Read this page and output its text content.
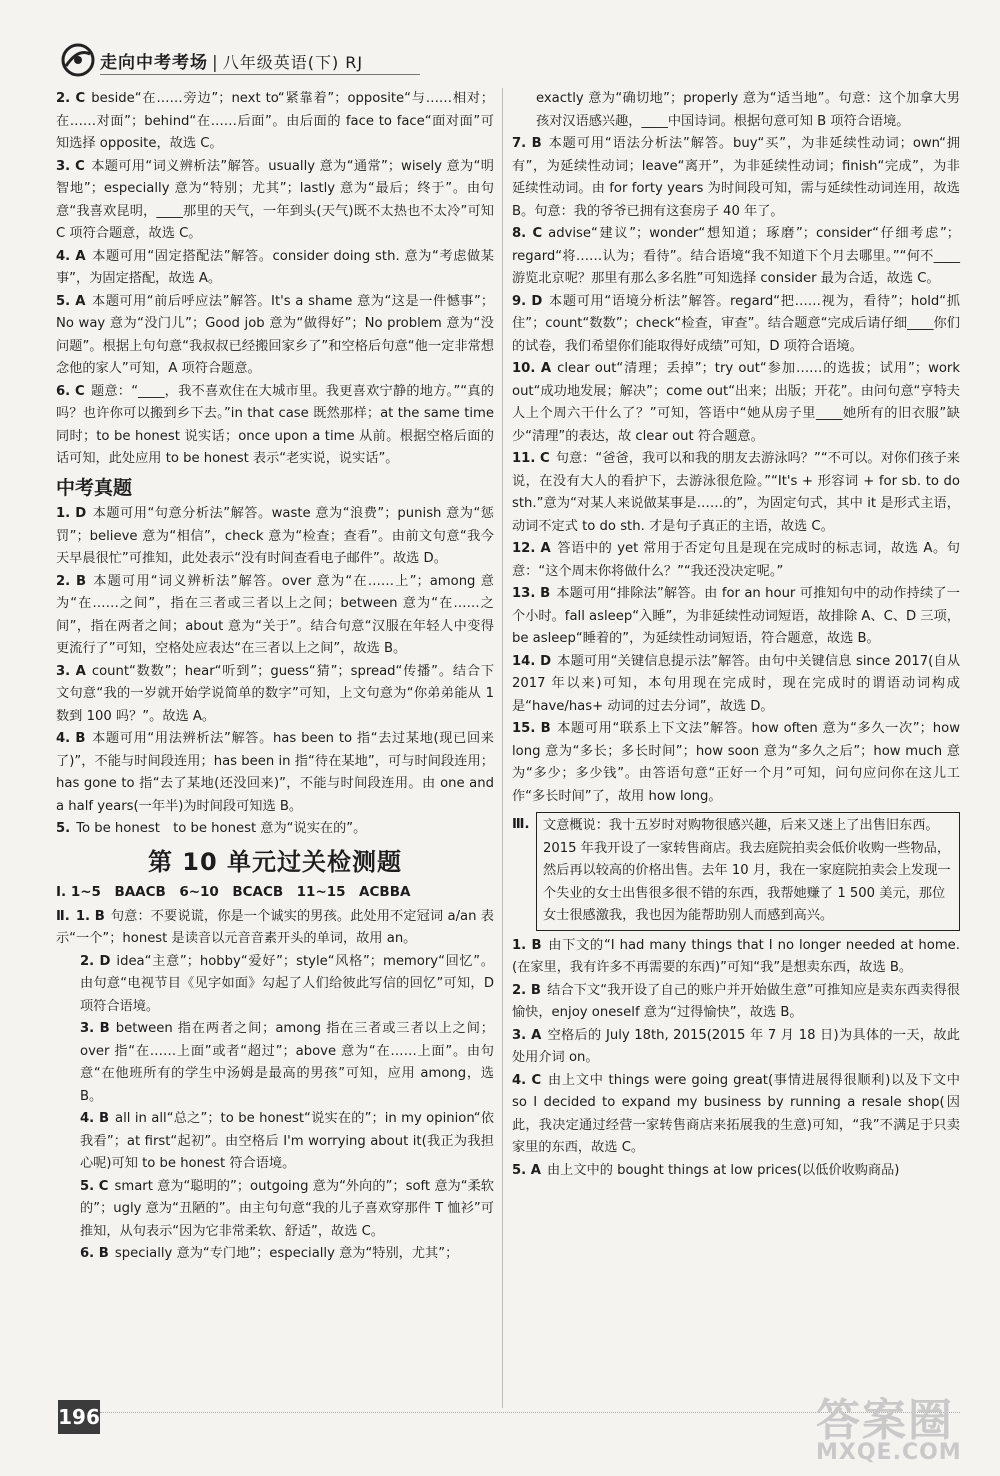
走向中考考场 | 八年级英语(下) RJ
2. C beside“在……旁边”；next to“紧靠着”；opposite“与……相对；在……对面”；behind“在……后面”。由后面的 face to face“面对面”可知选择 opposite，故选 C。
3. C 本题可用“词义辨析法”解答。usually 意为“通常”；wisely 意为“明智地”；especially 意为“特别；尤其”；lastly 意为“最后；终于”。由句意“我喜欢昆明，____那里的天气，一年到头(天气)既不太热也不太冷”可知 C 项符合题意，故选 C。
4. A 本题可用“固定搭配法”解答。consider doing sth. 意为“考虑做某事”，为固定搭配，故选 A。
5. A 本题可用“前后呼应法”解答。It's a shame 意为“这是一件憾事”；No way 意为“没门儿”；Good job 意为“做得好”；No problem 意为“没问题”。根据上句句意“我叔叔已经搬回家乡了”和空格后句意“他一定非常想念他的家人”可知，A 项符合题意。
6. C 题意：“____，我不喜欢住在大城市里。我更喜欢宁静的地方。”“真的吗？也许你可以搬到乡下去。”in that case 既然那样；at the same time 同时；to be honest 说实话；once upon a time 从前。根据空格后面的话可知，此处应用 to be honest 表示“老实说，说实话”。
中考真题
1. D 本题可用“句意分析法”解答。waste 意为“浪费”；punish 意为“惩罚”；believe 意为“相信”，check 意为“检查；查看”。由前文句意“我今天早晨很忙”可推知，此处表示“没有时间查看电子邮件”。故选 D。
2. B 本题可用“词义辨析法”解答。over 意为“在……上”；among 意为“在……之间”，指在三者或三者以上之间；between 意为“在……之间”，指在两者之间；about 意为“关于”。结合句意“汉服在年轻人中变得更流行了”可知，空格处应表达“在三者以上之间”，故选 B。
3. A count“数数”；hear“听到”；guess“猜”；spread“传播”。结合下文句意“我的一岁就开始学说简单的数字”可知，上文句意为“你弟弟能从 1 数到 100 吗？”。故选 A。
4. B 本题可用“用法辨析法”解答。has been to 指“去过某地(现已回来了)”，不能与时间段连用；has been in 指“待在某地”，可与时间段连用；has gone to 指“去了某地(还没回来)”，不能与时间段连用。由 one and a half years(一年半)为时间段可知选 B。
5. To be honest　to be honest 意为“说实在的”。
第 10 单元过关检测题
Ⅰ. 1~5　BAACB　6~10　BCACB　11~15　ACBBA
Ⅱ. 1. B 句意：不要说谎，你是一个诚实的男孩。此处用不定冠词 a/an 表示“一个”；honest 是读音以元音音素开头的单词，故用 an。
2. D idea“主意”；hobby“爱好”；style“风格”；memory“回忆”。由句意“电视节目《见字如面》勾起了人们给彼此写信的回忆”可知，D 项符合语境。
3. B between 指在两者之间；among 指在三者或三者以上之间；over 指“在……上面”或者“超过”；above 意为“在……上面”。由句意“在他班所有的学生中汤姆是最高的男孩”可知，应用 among，选 B。
4. B all in all“总之”；to be honest“说实在的”；in my opinion“依我看”；at first“起初”。由空格后 I'm worrying about it(我正为我担心呢)可知 to be honest 符合语境。
5. C smart 意为“聪明的”；outgoing 意为“外向的”；soft 意为“柔软的”；ugly 意为“丑陋的”。由主句句意“我的儿子喜欢穿那件 T 恤衫”可推知，从句表示“因为它非常柔软、舒适”，故选 C。
6. B specially 意为“专门地”；especially 意为“特别，尤其”；
exactly 意为“确切地”；properly 意为“适当地”。句意：这个加拿大男孩对汉语感兴趣，____中国诗词。根据句意可知 B 项符合语境。
7. B 本题可用“语法分析法”解答。buy“买”，为非延续性动词；own“拥有”，为延续性动词；leave“离开”，为非延续性动词；finish“完成”，为非延续性动词。由 for forty years 为时间段可知，需与延续性动词连用，故选 B。句意：我的爷爷已拥有这套房子 40 年了。
8. C advise“建议”；wonder“想知道；琢磨”；consider“仔细考虑”；regard“将……认为；看待”。结合语境“我不知道下个月去哪里。”“何不____游览北京呢？那里有那么多名胜”可知选择 consider 最为合适，故选 C。
9. D 本题可用“语境分析法”解答。regard“把……视为，看待”；hold“抓住”；count“数数”；check“检查，审查”。结合题意“完成后请仔细____你们的试卷，我们希望你们能取得好成绩”可知，D 项符合语境。
10. A clear out“清理；丢掉”；try out“参加……的选拔；试用”；work out“成功地发展；解决”；come out“出来；出版；开花”。由问句意“亨特夫人上个周六干什么了？”可知，答语中“她从房子里____她所有的旧衣服”缺少“清理”的表达，故 clear out 符合题意。
11. C 句意：“爸爸，我可以和我的朋友去游泳吗？”“不可以。对你们孩子来说，在没有大人的看护下，去游泳很危险。”“It's + 形容词 + for sb. to do sth.”意为“对某人来说做某事是……的”，为固定句式，其中 it 是形式主语，动词不定式 to do sth. 才是句子真正的主语，故选 C。
12. A 答语中的 yet 常用于否定句且是现在完成时的标志词，故选 A。句意：“这个周末你将做什么？”“我还没决定呢。”
13. B 本题可用“排除法”解答。由 for an hour 可推知句中的动作持续了一个小时。fall asleep“入睡”，为非延续性动词短语，故排除 A、C、D 三项，be asleep“睡着的”，为延续性动词短语，符合题意，故选 B。
14. D 本题可用“关键信息提示法”解答。由句中关键信息 since 2017(自从 2017 年以来)可知，本句用现在完成时，现在完成时的谓语动词构成是“have/has+ 动词的过去分词”，故选 D。
15. B 本题可用“联系上下文法”解答。how often 意为“多久一次”；how long 意为“多长；多长时间”；how soon 意为“多久之后”；how much 意为“多少；多少钱”。由答语句意“正好一个月”可知，问句应问你在这儿工作“多长时间”了，故用 how long。
Ⅲ.	文意概说：我十五岁时对购物很感兴趣，后来又迷上了出售旧东西。2015 年我开设了一家转售商店。我去庭院拍卖会低价收购一些物品，然后再以较高的价格出售。去年 10 月，我在一家庭院拍卖会上发现一个失业的女士出售很多很不错的东西，我帮她赚了 1 500 美元，那位女士很感激我，我也因为能帮助别人而感到高兴。
1. B 由下文的“I had many things that I no longer needed at home.(在家里，我有许多不再需要的东西)”可知“我”是想卖东西，故选 B。
2. B 结合下文“我开设了自己的账户并开始做生意”可推知应是卖东西卖得很愉快，enjoy oneself 意为“过得愉快”，故选 B。
3. A 空格后的 July 18th, 2015(2015 年 7 月 18 日)为具体的一天，故此处用介词 on。
4. C 由上文中 things were going great(事情进展得很顺利)以及下文中 so I decided to expand my business by running a resale shop(因此，我决定通过经营一家转售商店来拓展我的生意)可知，“我”不满足于只卖家里的东西，故选 C。
5. A 由上文中的 bought things at low prices(以低价收购商品)
196	答案圈
MXQE.COM
